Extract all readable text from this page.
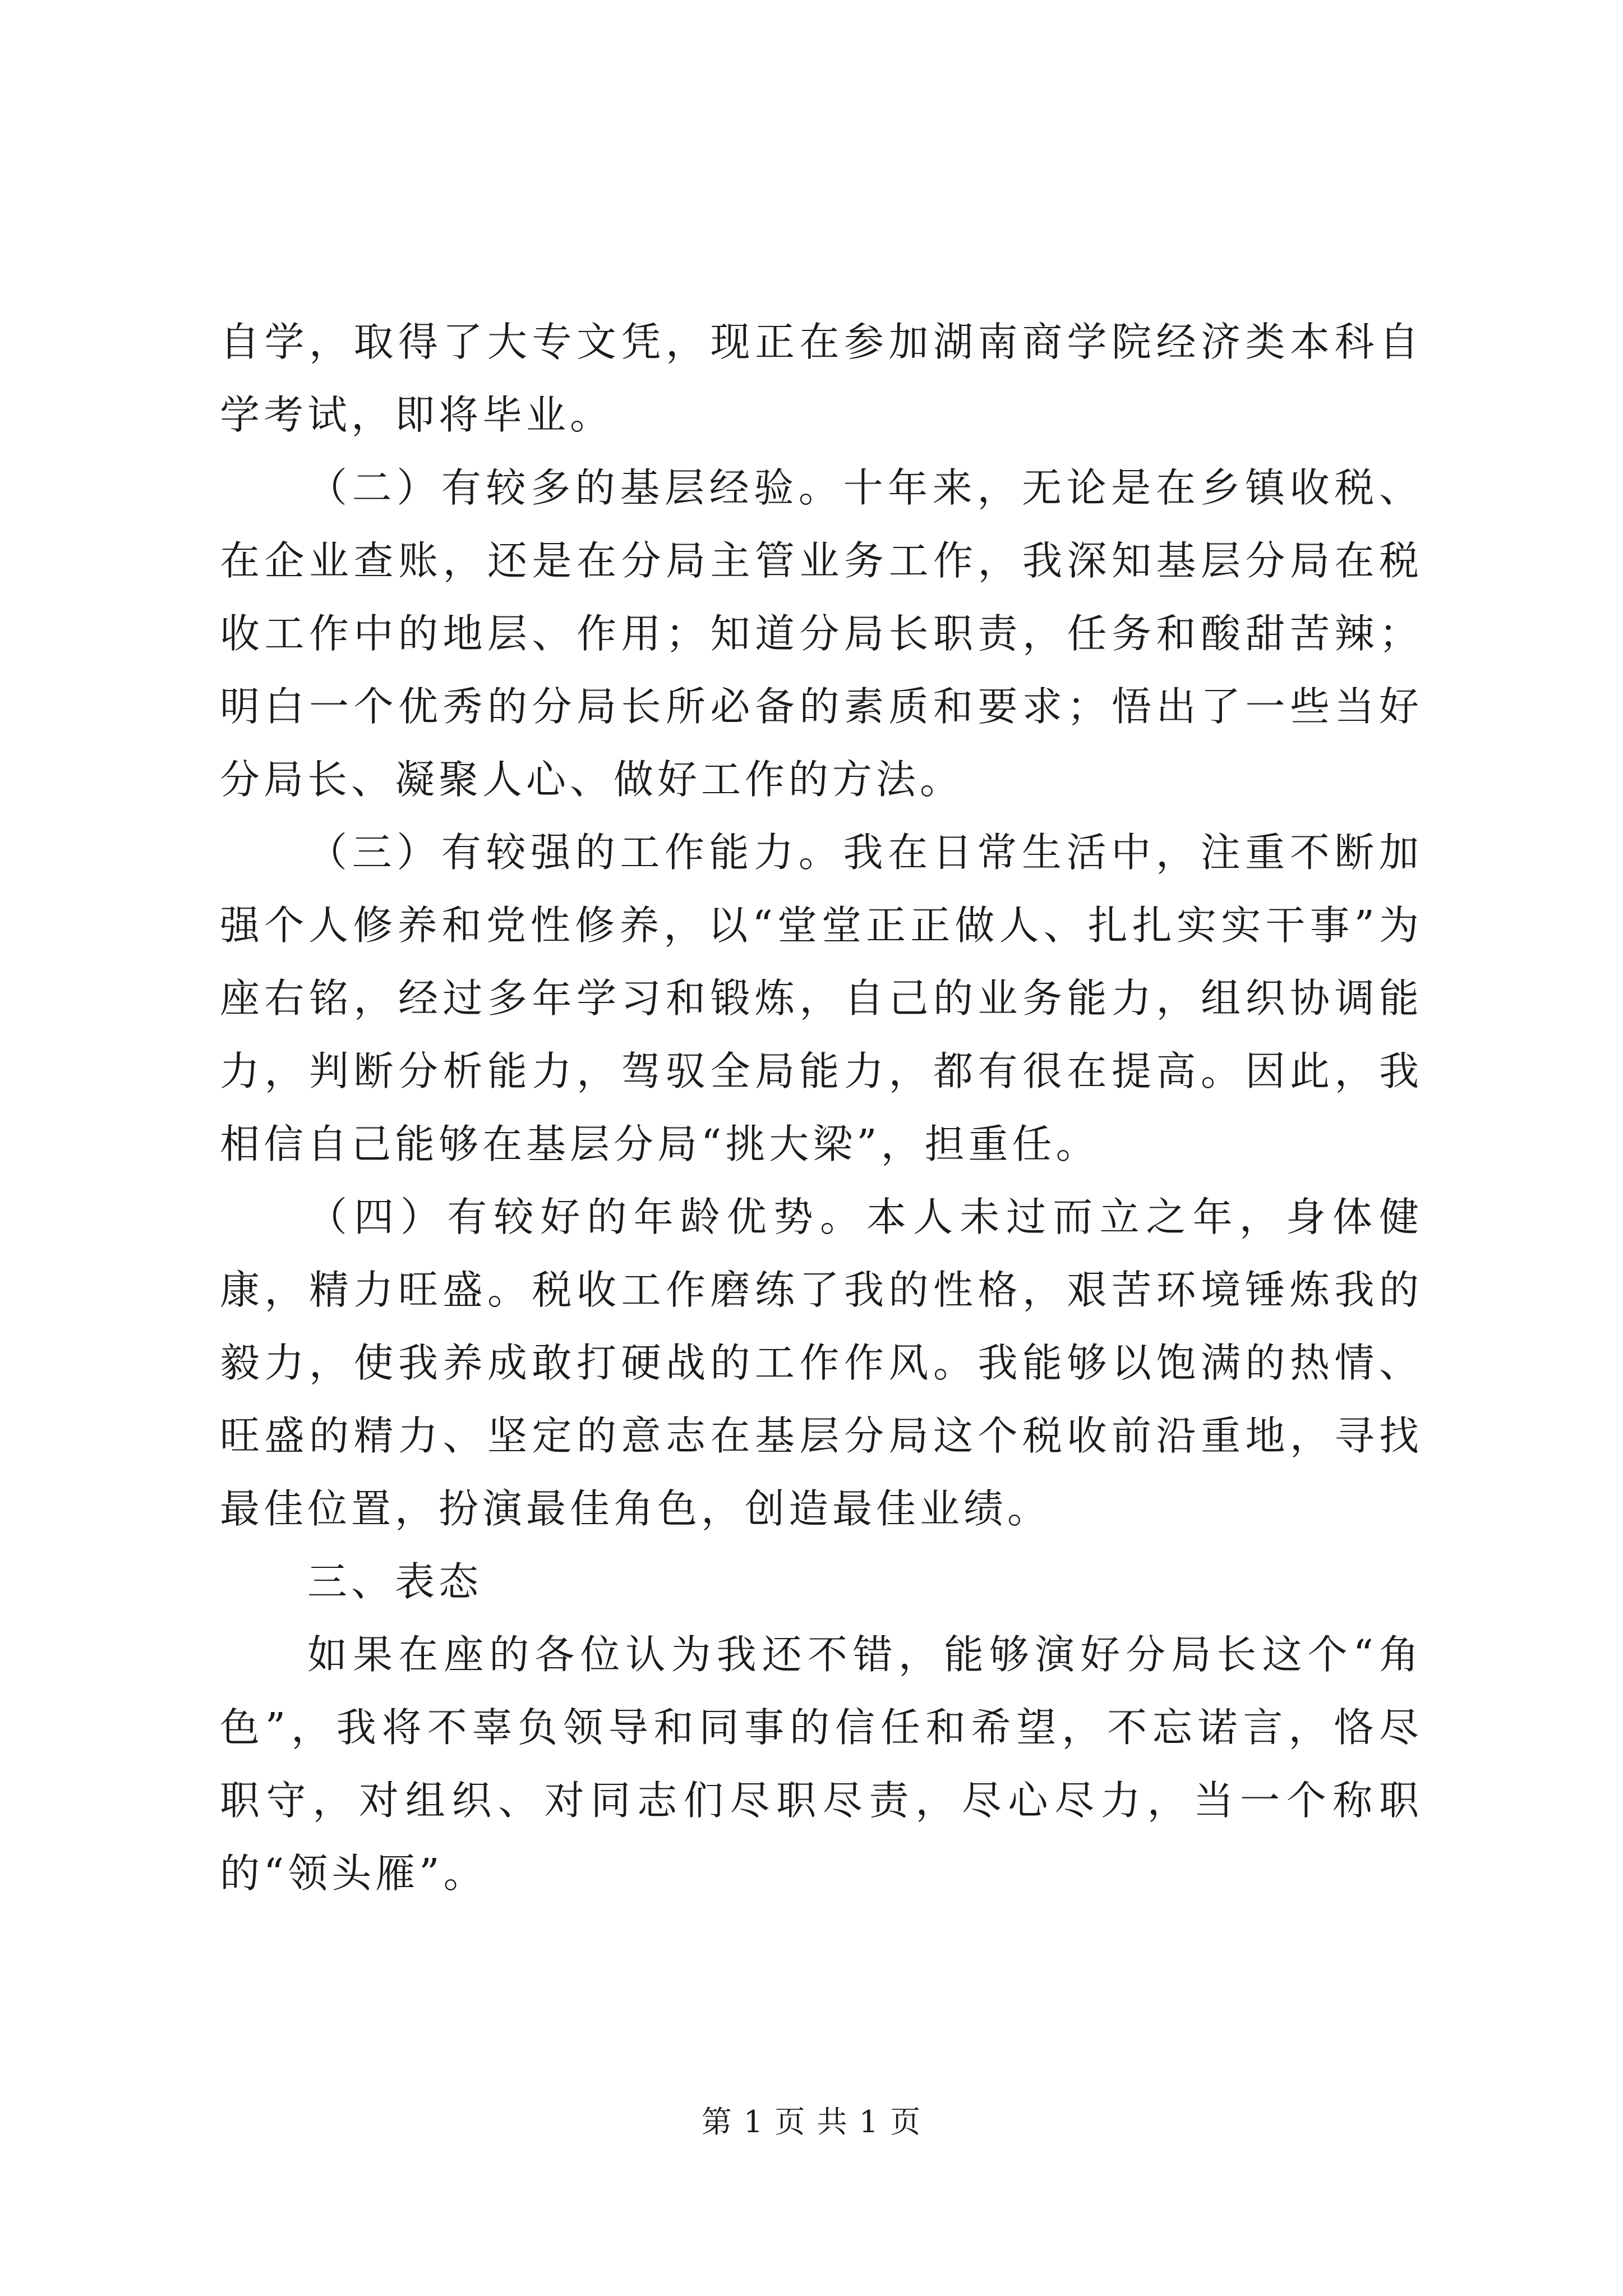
自学，取得了大专文凭，现正在参加湖南商学院经济类本科自学考试，即将毕业。

（二）有较多的基层经验。十年来，无论是在乡镇收税、在企业查账，还是在分局主管业务工作，我深知基层分局在税收工作中的地层、作用；知道分局长职责，任务和酸甜苦辣；明白一个优秀的分局长所必备的素质和要求；悟出了一些当好分局长、凝聚人心、做好工作的方法。

（三）有较强的工作能力。我在日常生活中，注重不断加强个人修养和党性修养，以“堂堂正正做人、扎扎实实干事”为座右铭，经过多年学习和锻炼，自己的业务能力，组织协调能力，判断分析能力，驾驭全局能力，都有很在提高。因此，我相信自己能够在基层分局“挑大梁”，担重任。

（四）有较好的年龄优势。本人未过而立之年，身体健康，精力旺盛。税收工作磨练了我的性格，艰苦环境锤炼我的毅力，使我养成敢打硬战的工作作风。我能够以饱满的热情、旺盛的精力、坚定的意志在基层分局这个税收前沿重地，寻找最佳位置，扮演最佳角色，创造最佳业绩。

三、表态

如果在座的各位认为我还不错，能够演好分局长这个“角色”，我将不辜负领导和同事的信任和希望，不忘诺言，恪尽职守，对组织、对同志们尽职尽责，尽心尽力，当一个称职的“领头雁”。

第 1 页 共 1 页
